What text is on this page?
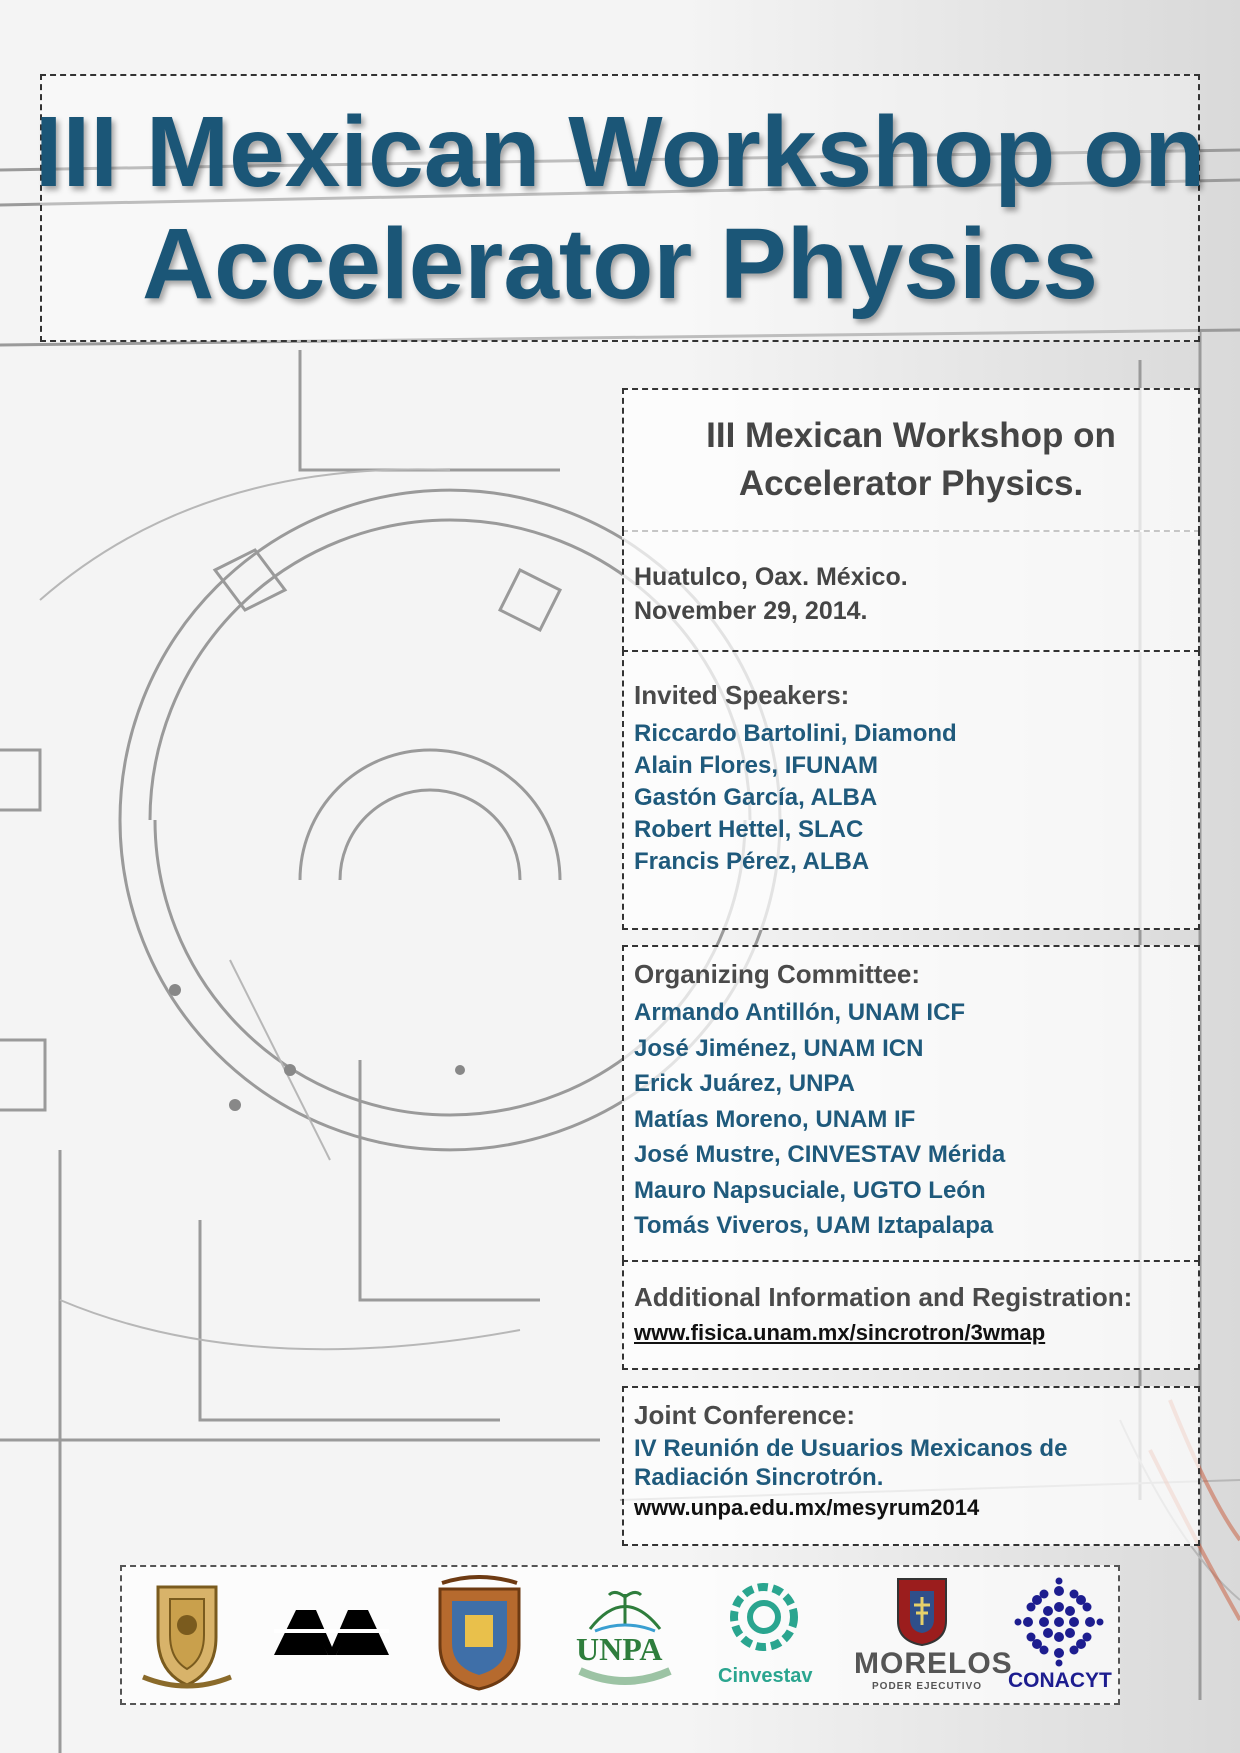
III Mexican Workshop on
Accelerator Physics
III Mexican Workshop on
Accelerator Physics.
Huatulco, Oax. México.
November 29, 2014.
Invited Speakers:
Riccardo Bartolini, Diamond
Alain Flores, IFUNAM
Gastón García, ALBA
Robert Hettel, SLAC
Francis Pérez, ALBA
Organizing Committee:
Armando Antillón, UNAM ICF
José Jiménez, UNAM ICN
Erick Juárez, UNPA
Matías Moreno, UNAM IF
José Mustre, CINVESTAV Mérida
Mauro Napsuciale, UGTO León
Tomás Viveros, UAM Iztapalapa
Additional Information and Registration:
www.fisica.unam.mx/sincrotron/3wmap
Joint Conference:
IV Reunión de Usuarios Mexicanos de
Radiación Sincrotrón.
www.unpa.edu.mx/mesyrum2014
UNPA
Cinvestav MORELOS
PODER EJECUTIVO CONACYT
